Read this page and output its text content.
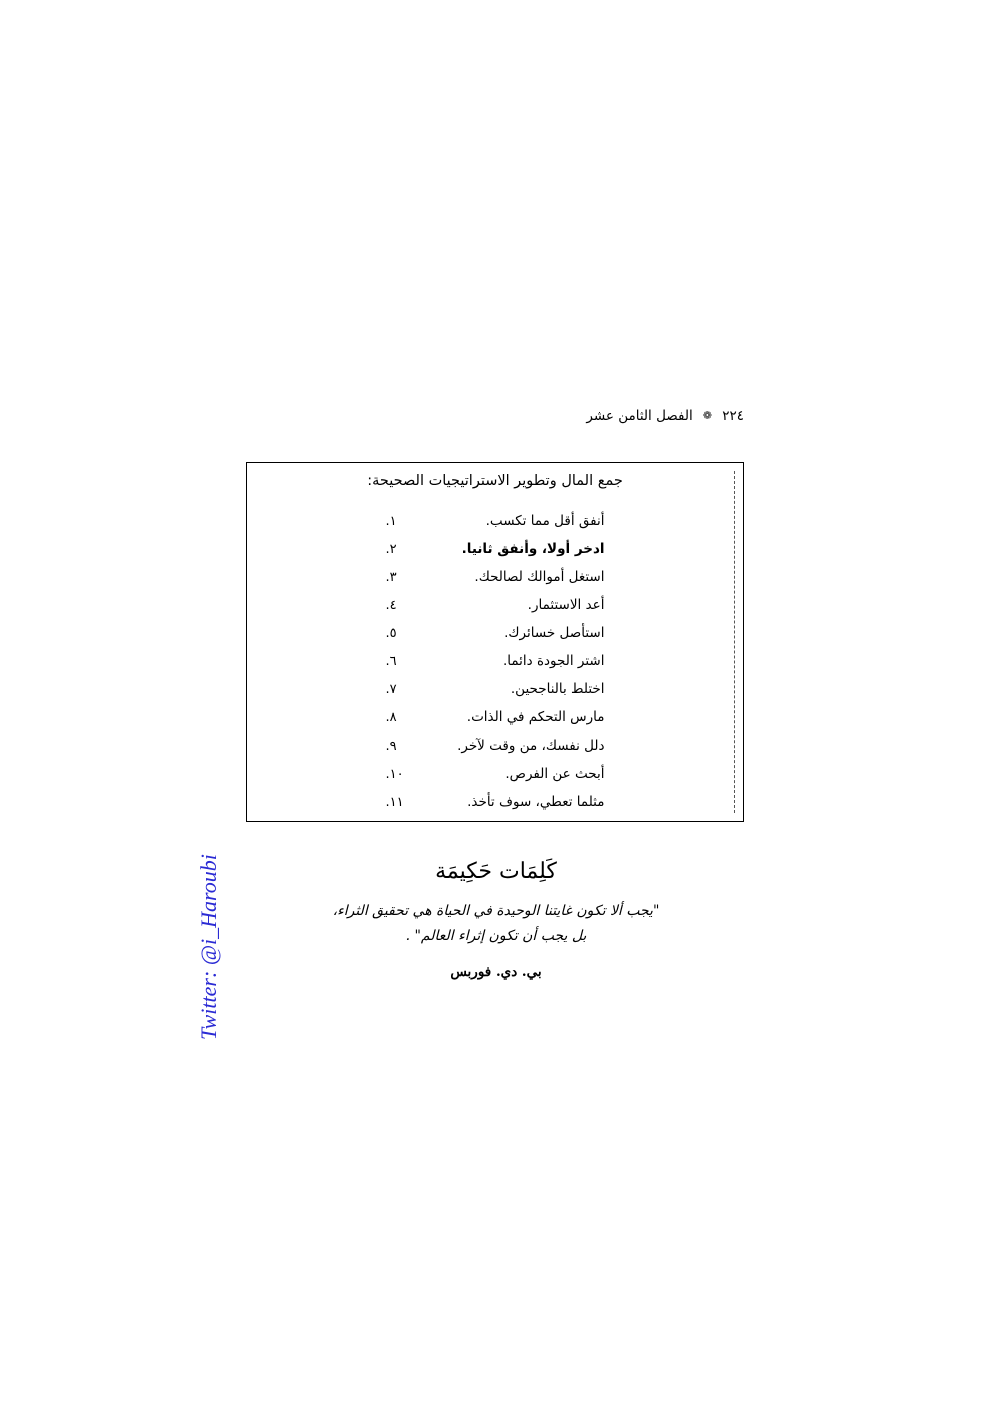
٢٢٤
❁
الفصل الثامن عشر
جمع المال وتطوير الاستراتيجيات الصحيحة:
أنفق أقل مما تكسب.
١.
ادخر أولا، وأنفق ثانيا.
٢.
استغل أموالك لصالحك.
٣.
أعد الاستثمار.
٤.
استأصل خسائرك.
٥.
اشتر الجودة دائما.
٦.
اختلط بالناجحين.
٧.
مارس التحكم في الذات.
٨.
دلل نفسك، من وقت لآخر.
٩.
أبحث عن الفرص.
١٠.
مثلما تعطي، سوف تأخذ.
١١.
كَلِمَات حَكِيمَة
"يجب ألا تكون غايتنا الوحيدة في الحياة هي تحقيق الثراء،
بل يجب أن تكون إثراء العالم" .
بي. دي. فوربس
Twitter: @i_Haroubi
